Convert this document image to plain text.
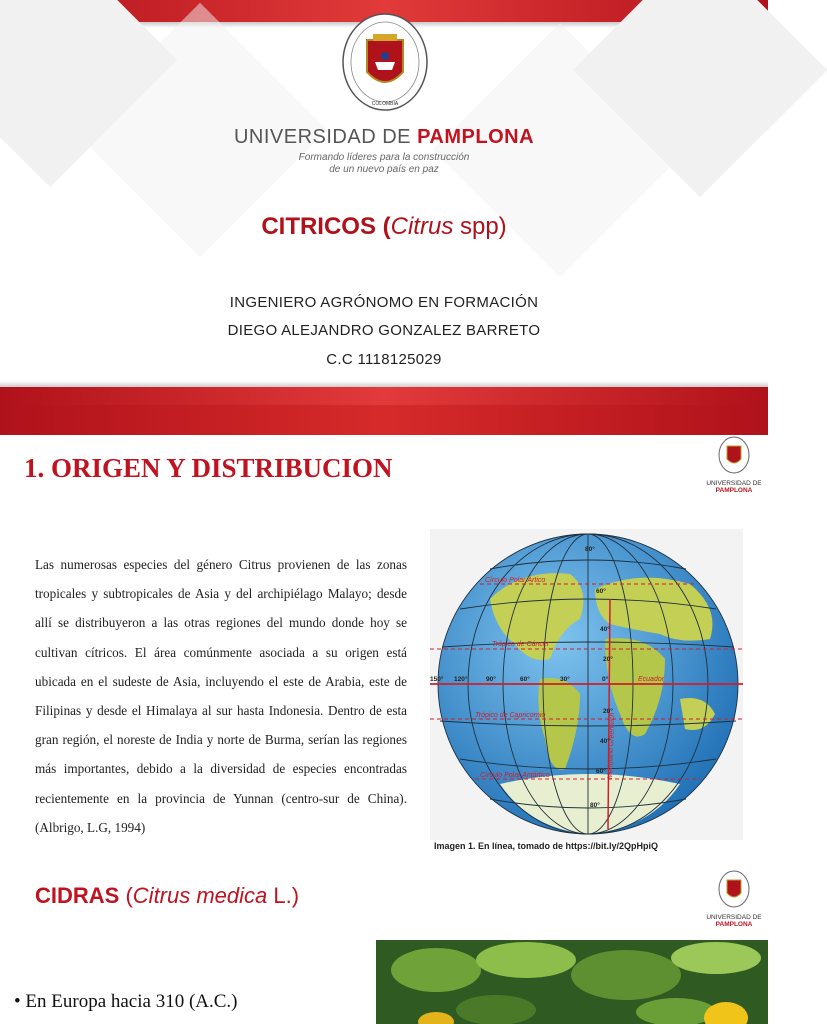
COLOMBIA
UNIVERSIDAD DE PAMPLONA
Formando líderes para la construcción
de un nuevo país en paz
CITRICOS (Citrus spp)
INGENIERO AGRÓNOMO EN FORMACIÓN
DIEGO ALEJANDRO GONZALEZ BARRETO
C.C 1118125029
1. ORIGEN Y DISTRIBUCION
UNIVERSIDAD DE
PAMPLONA
Las numerosas especies del género Citrus provienen de las zonas tropicales y subtropicales de Asia y del archipiélago Malayo; desde allí se distribuyeron a las otras regiones del mundo donde hoy se cultivan cítricos. El área comúnmente asociada a su origen está ubicada en el sudeste de Asia, incluyendo el este de Arabia, este de Filipinas y desde el Himalaya al sur hasta Indonesia. Dentro de esta gran región, el noreste de India y norte de Burma, serían las regiones más importantes, debido a la diversidad de especies encontradas recientemente en la provincia de Yunnan (centro-sur de China). (Albrigo, L.G, 1994)
Círculo Polar Ártico
Trópico de Cáncer
Ecuador
Trópico de Capricornio
Círculo Polar Antártico	Meridiano Greenwich
80°
60°
40°
20°
20°
40°
60°
80°
150° 120°	90°	60°	30°	0°
Imagen 1. En línea, tomado de https://bit.ly/2QpHpiQ
CIDRAS (Citrus medica L.)
UNIVERSIDAD DE
PAMPLONA
• En Europa hacia 310 (A.C.)
